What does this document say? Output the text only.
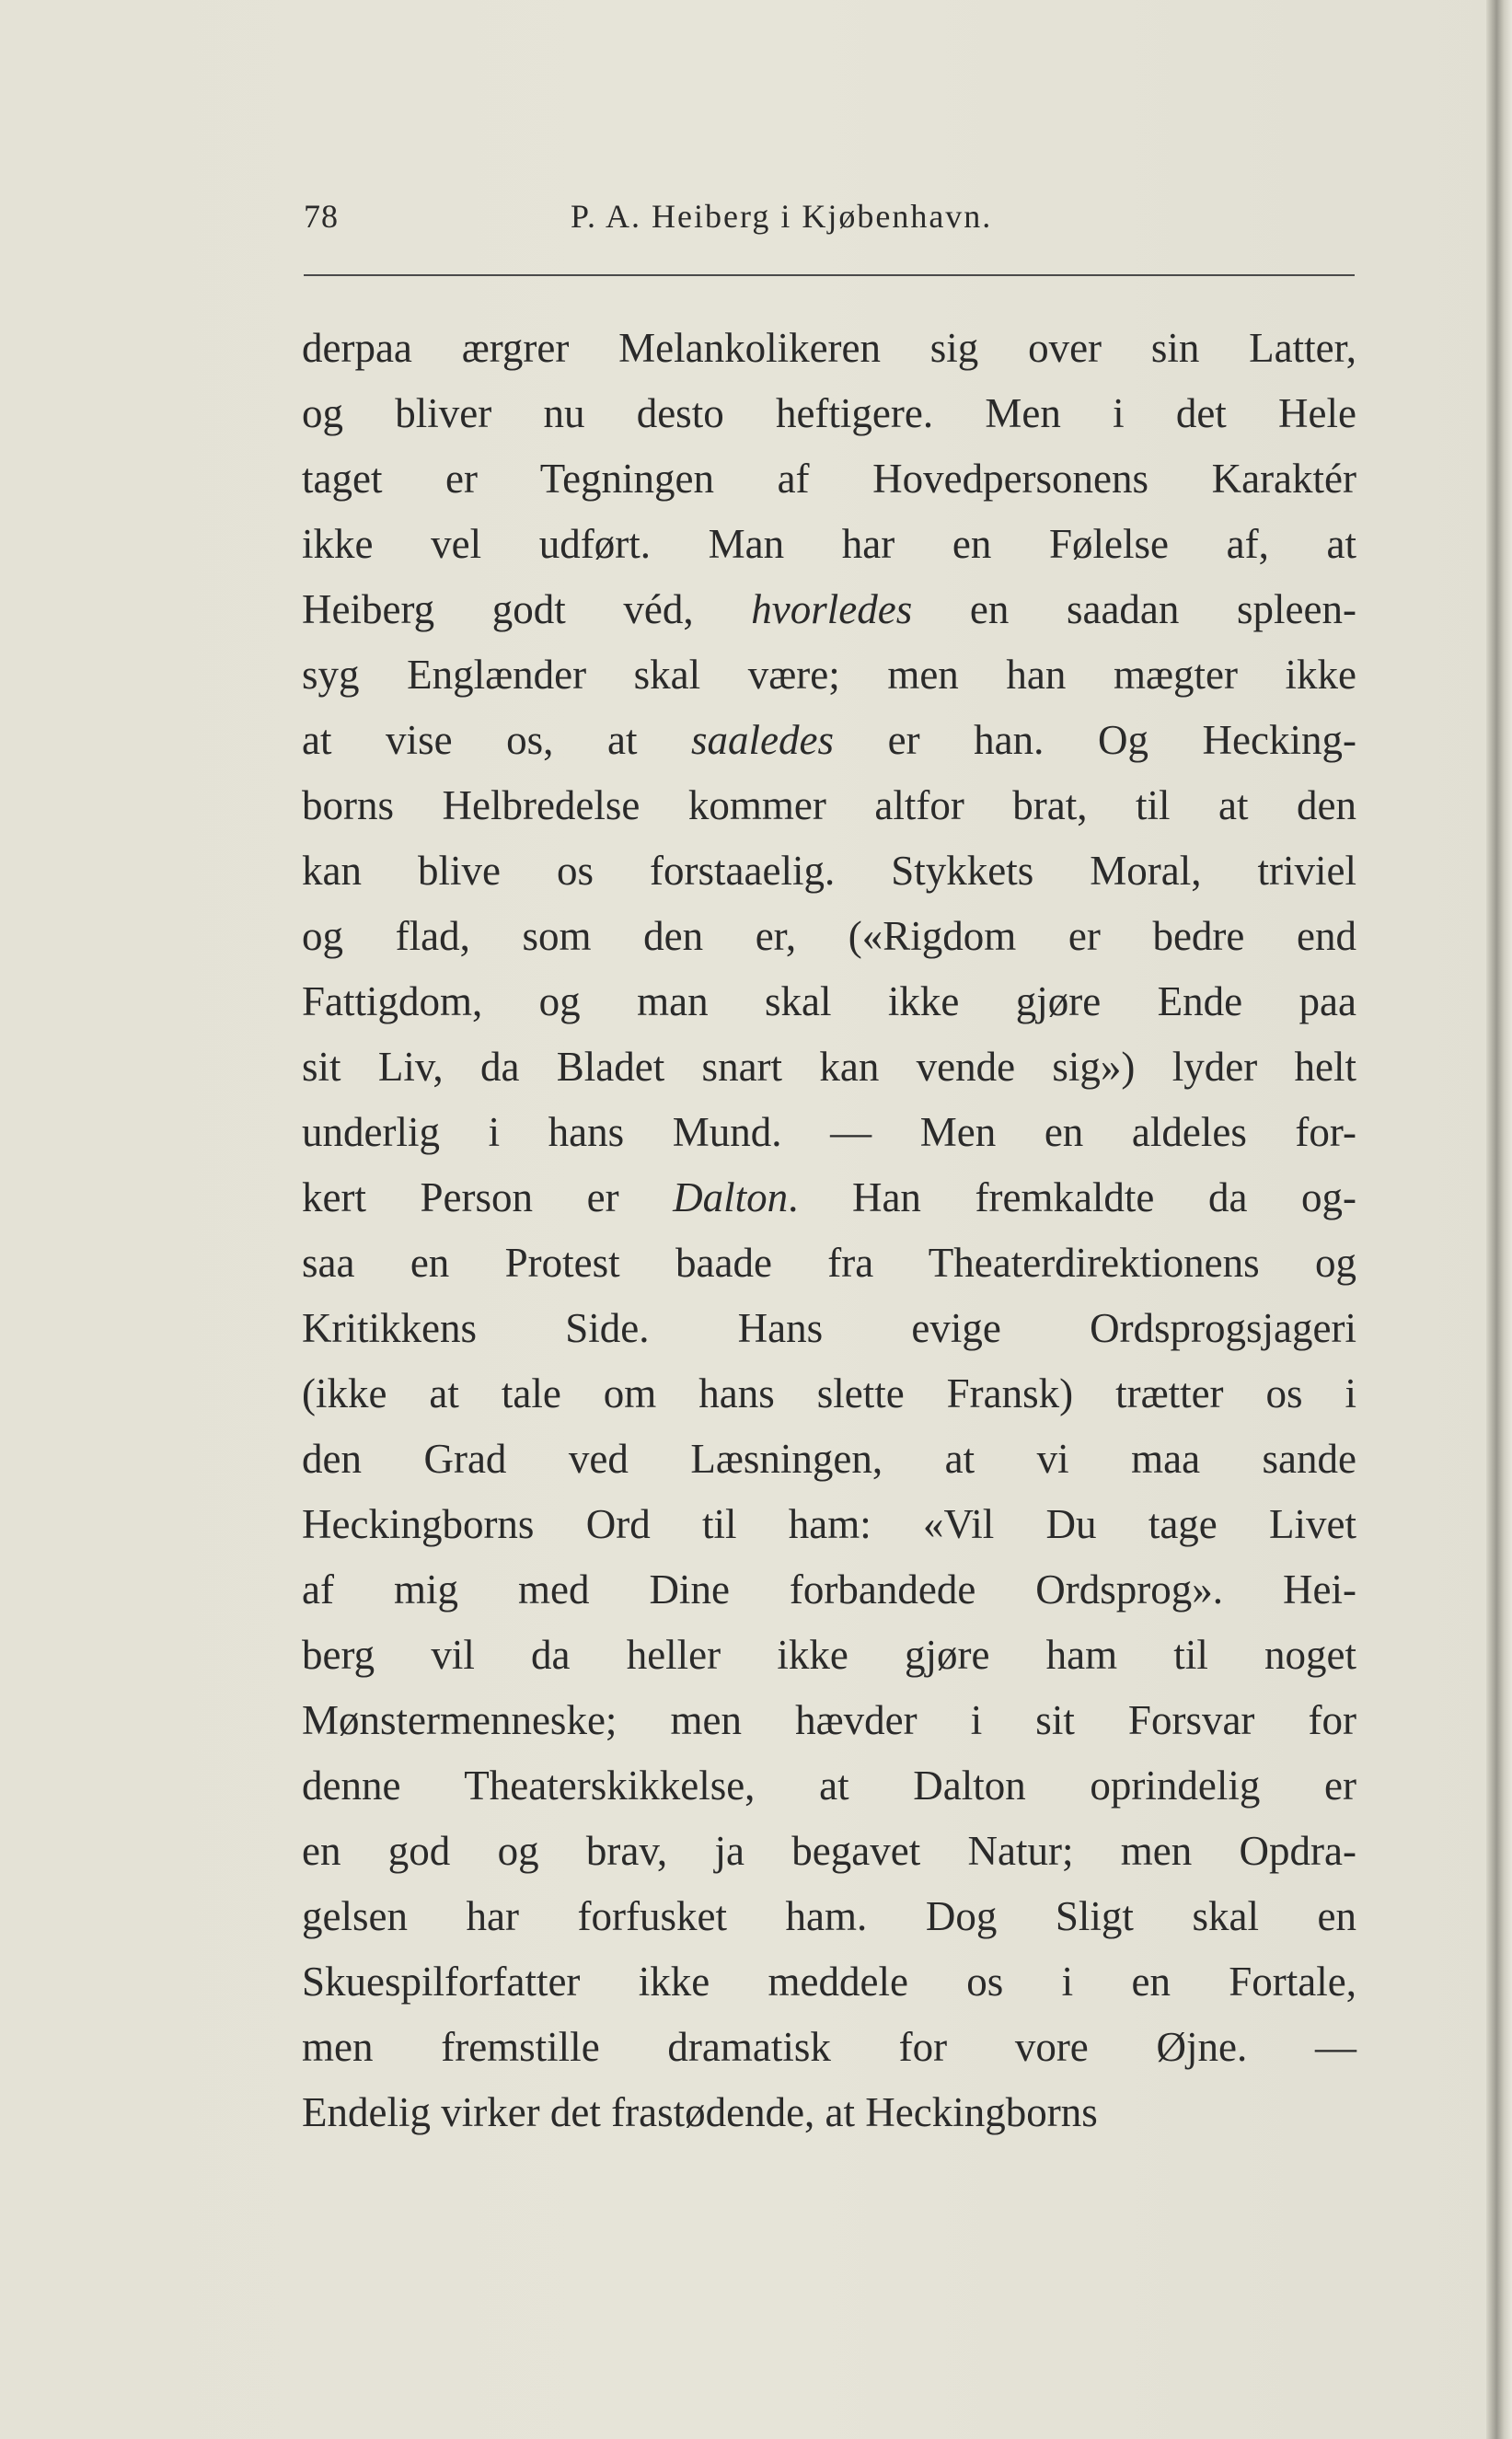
78	P. A. Heiberg i Kjøbenhavn.
derpaa ærgrer Melankolikeren sig over sin Latter,
og bliver nu desto heftigere. Men i det Hele
taget er Tegningen af Hovedpersonens Karaktér
ikke vel udført. Man har en Følelse af, at
Heiberg godt véd, hvorledes en saadan spleen-
syg Englænder skal være; men han mægter ikke
at vise os, at saaledes er han. Og Hecking-
borns Helbredelse kommer altfor brat, til at den
kan blive os forstaaelig. Stykkets Moral, triviel
og flad, som den er, («Rigdom er bedre end
Fattigdom, og man skal ikke gjøre Ende paa
sit Liv, da Bladet snart kan vende sig») lyder helt
underlig i hans Mund. — Men en aldeles for-
kert Person er Dalton. Han fremkaldte da og-
saa en Protest baade fra Theaterdirektionens og
Kritikkens Side. Hans evige Ordsprogsjageri
(ikke at tale om hans slette Fransk) trætter os i
den Grad ved Læsningen, at vi maa sande
Heckingborns Ord til ham: «Vil Du tage Livet
af mig med Dine forbandede Ordsprog». Hei-
berg vil da heller ikke gjøre ham til noget
Mønstermenneske; men hævder i sit Forsvar for
denne Theaterskikkelse, at Dalton oprindelig er
en god og brav, ja begavet Natur; men Opdra-
gelsen har forfusket ham. Dog Sligt skal en
Skuespilforfatter ikke meddele os i en Fortale,
men fremstille dramatisk for vore Øjne. —
Endelig virker det frastødende, at Heckingborns
